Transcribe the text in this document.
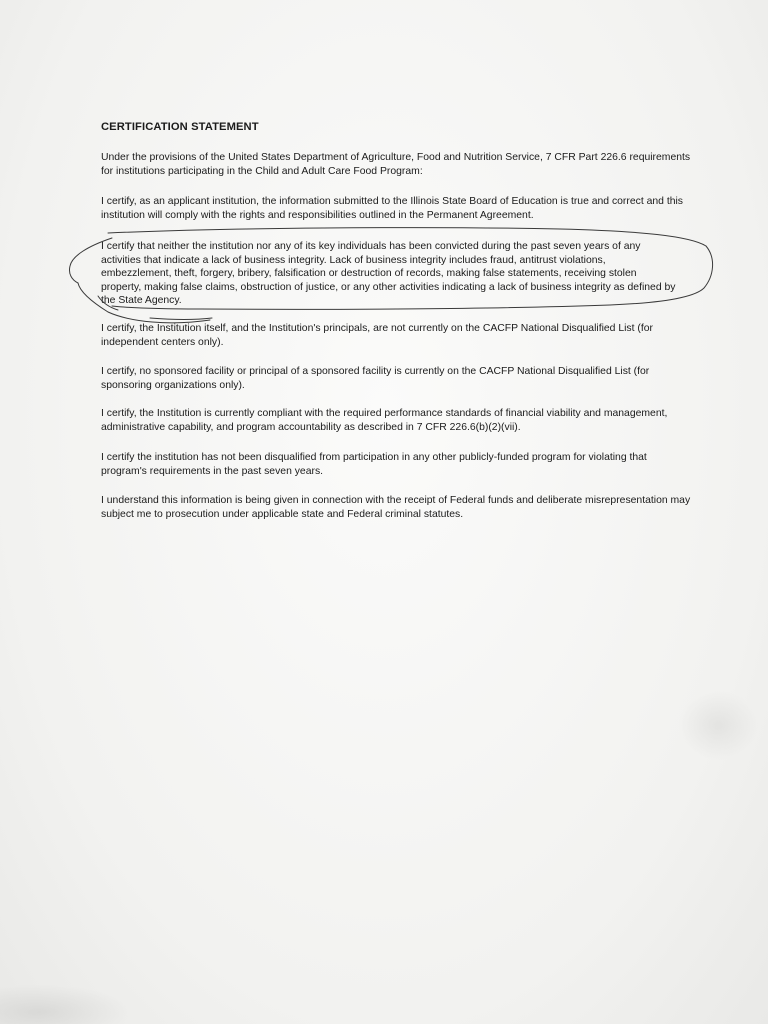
CERTIFICATION STATEMENT

Under the provisions of the United States Department of Agriculture, Food and Nutrition Service, 7 CFR Part 226.6 requirements for institutions participating in the Child and Adult Care Food Program:

I certify, as an applicant institution, the information submitted to the Illinois State Board of Education is true and correct and this institution will comply with the rights and responsibilities outlined in the Permanent Agreement.

I certify that neither the institution nor any of its key individuals has been convicted during the past seven years of any activities that indicate a lack of business integrity. Lack of business integrity includes fraud, antitrust violations, embezzlement, theft, forgery, bribery, falsification or destruction of records, making false statements, receiving stolen property, making false claims, obstruction of justice, or any other activities indicating a lack of business integrity as defined by the State Agency.

I certify, the Institution itself, and the Institution's principals, are not currently on the CACFP National Disqualified List (for independent centers only).

I certify, no sponsored facility or principal of a sponsored facility is currently on the CACFP National Disqualified List (for sponsoring organizations only).

I certify, the Institution is currently compliant with the required performance standards of financial viability and management, administrative capability, and program accountability as described in 7 CFR 226.6(b)(2)(vii).

I certify the institution has not been disqualified from participation in any other publicly-funded program for violating that program's requirements in the past seven years.

I understand this information is being given in connection with the receipt of Federal funds and deliberate misrepresentation may subject me to prosecution under applicable state and Federal criminal statutes.
